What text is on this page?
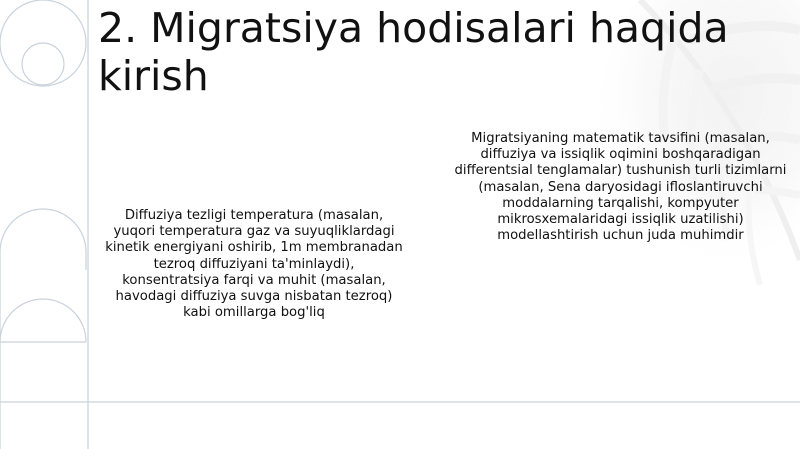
2. Migratsiya hodisalari haqida kirish

Diffuziya tezligi temperatura (masalan, yuqori temperatura gaz va suyuqliklardagi kinetik energiyani oshirib, 1m membranadan tezroq diffuziyani ta'minlaydi), konsentratsiya farqi va muhit (masalan, havodagi diffuziya suvga nisbatan tezroq) kabi omillarga bog'liq

Migratsiyaning matematik tavsifini (masalan, diffuziya va issiqlik oqimini boshqaradigan differentsial tenglamalar) tushunish turli tizimlarni (masalan, Sena daryosidagi ifloslantiruvchi moddalarning tarqalishi, kompyuter mikrosxemalaridagi issiqlik uzatilishi) modellashtirish uchun juda muhimdir
